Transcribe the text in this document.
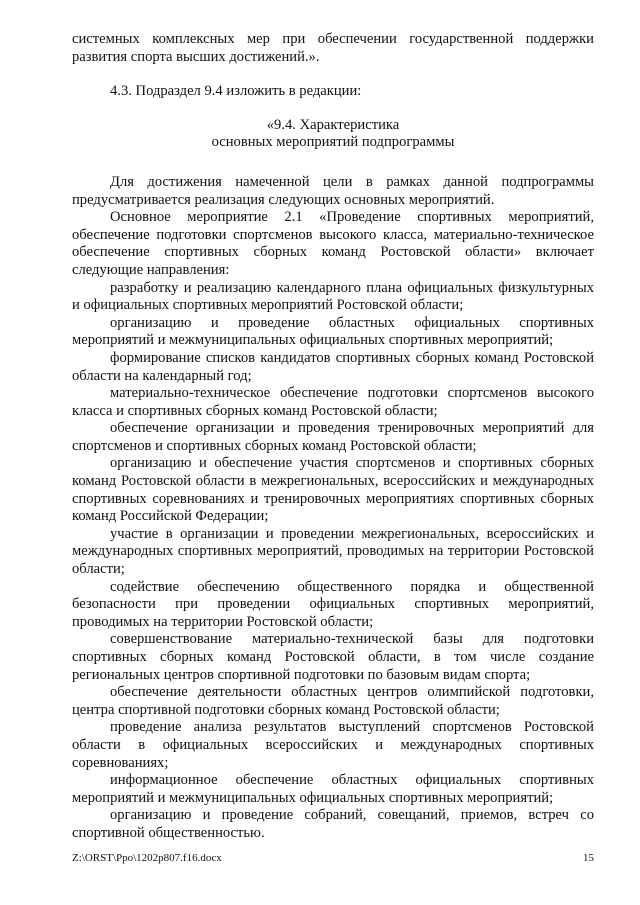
системных комплексных мер при обеспечении государственной поддержки развития спорта высших достижений.».

4.3. Подраздел 9.4 изложить в редакции:

«9.4. Характеристика
основных мероприятий подпрограммы

Для достижения намеченной цели в рамках данной подпрограммы предусматривается реализация следующих основных мероприятий.

Основное мероприятие 2.1 «Проведение спортивных мероприятий, обеспечение подготовки спортсменов высокого класса, материально-техническое обеспечение спортивных сборных команд Ростовской области» включает следующие направления:

разработку и реализацию календарного плана официальных физкультурных и официальных спортивных мероприятий Ростовской области;

организацию и проведение областных официальных спортивных мероприятий и межмуниципальных официальных спортивных мероприятий;

формирование списков кандидатов спортивных сборных команд Ростовской области на календарный год;

материально-техническое обеспечение подготовки спортсменов высокого класса и спортивных сборных команд Ростовской области;

обеспечение организации и проведения тренировочных мероприятий для спортсменов и спортивных сборных команд Ростовской области;

организацию и обеспечение участия спортсменов и спортивных сборных команд Ростовской области в межрегиональных, всероссийских и международных спортивных соревнованиях и тренировочных мероприятиях спортивных сборных команд Российской Федерации;

участие в организации и проведении межрегиональных, всероссийских и международных спортивных мероприятий, проводимых на территории Ростовской области;

содействие обеспечению общественного порядка и общественной безопасности при проведении официальных спортивных мероприятий, проводимых на территории Ростовской области;

совершенствование материально-технической базы для подготовки спортивных сборных команд Ростовской области, в том числе создание региональных центров спортивной подготовки по базовым видам спорта;

обеспечение деятельности областных центров олимпийской подготовки, центра спортивной подготовки сборных команд Ростовской области;

проведение анализа результатов выступлений спортсменов Ростовской области в официальных всероссийских и международных спортивных соревнованиях;

информационное обеспечение областных официальных спортивных мероприятий и межмуниципальных официальных спортивных мероприятий;

организацию и проведение собраний, совещаний, приемов, встреч со спортивной общественностью.

Z:\ORST\Ppo\1202p807.f16.docx	15
